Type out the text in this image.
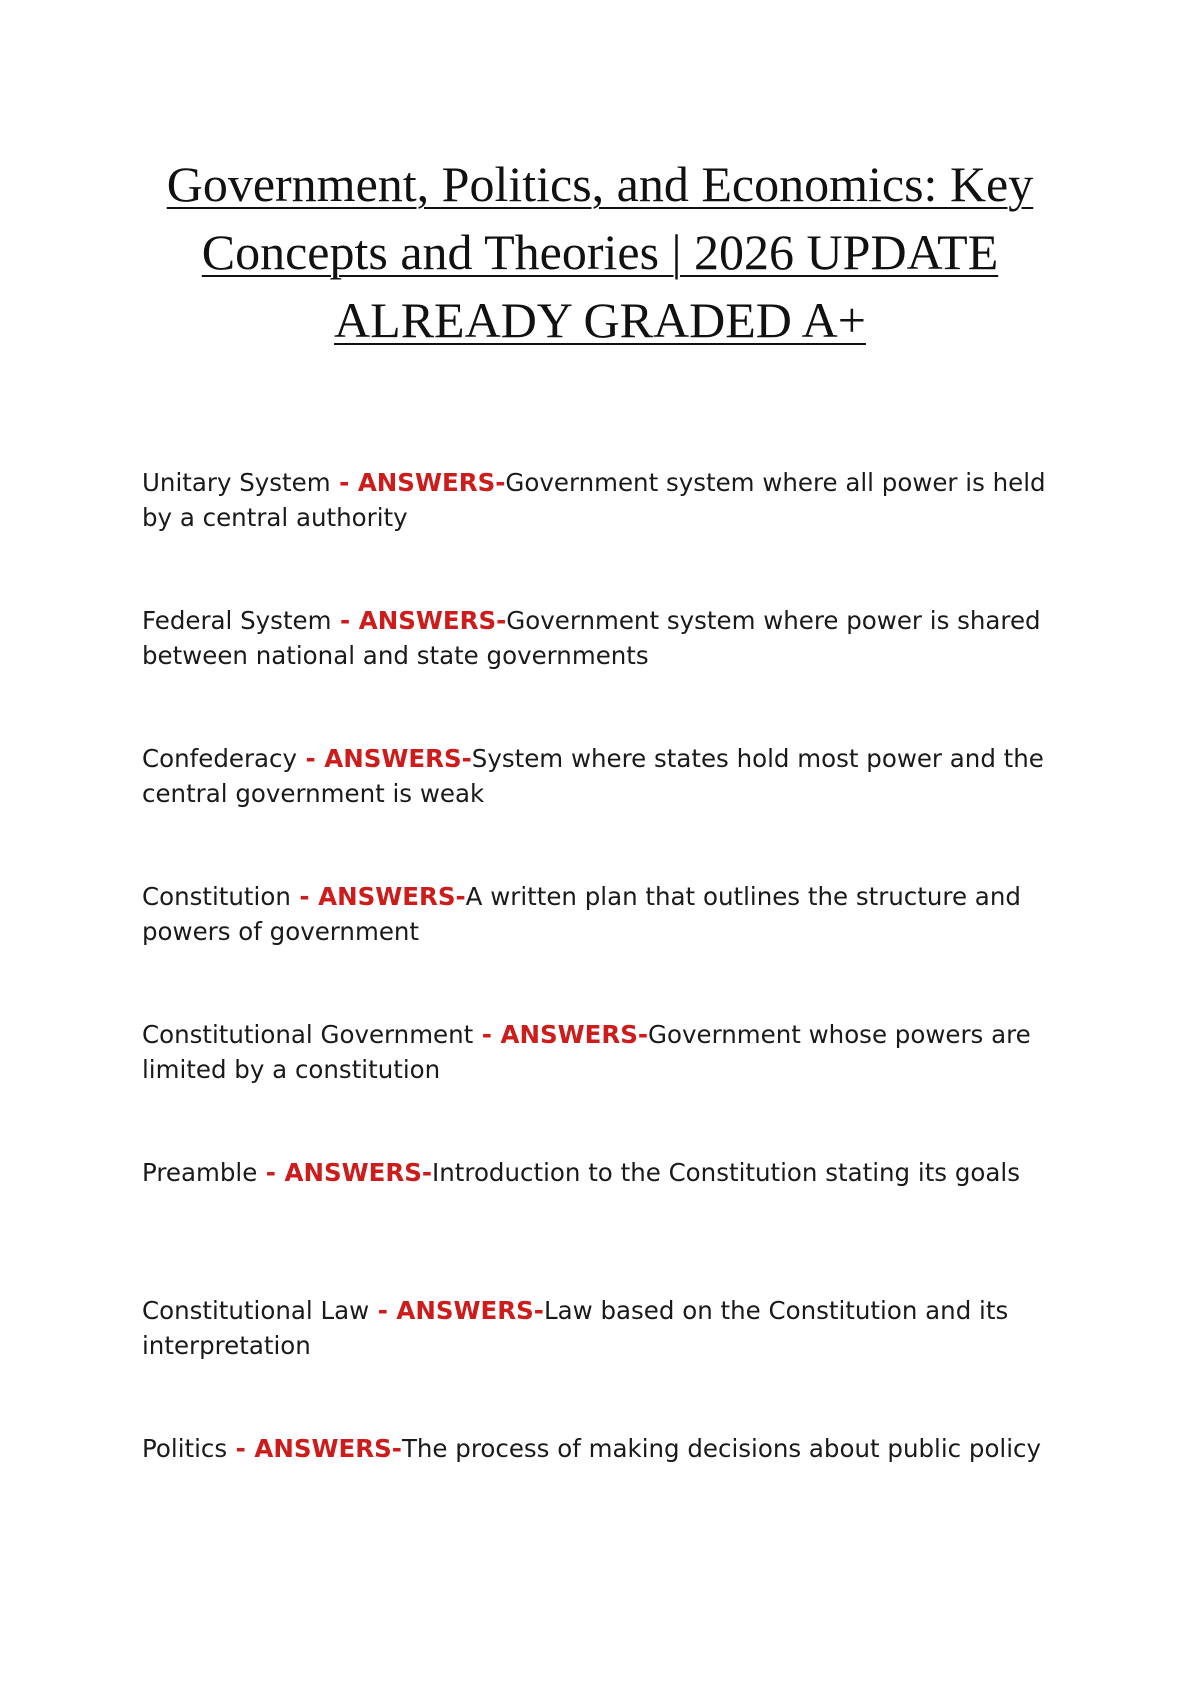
Government, Politics, and Economics: Key Concepts and Theories | 2026 UPDATE ALREADY GRADED A+

Unitary System - ANSWERS-Government system where all power is held by a central authority

Federal System - ANSWERS-Government system where power is shared between national and state governments

Confederacy - ANSWERS-System where states hold most power and the central government is weak

Constitution - ANSWERS-A written plan that outlines the structure and powers of government

Constitutional Government - ANSWERS-Government whose powers are limited by a constitution

Preamble - ANSWERS-Introduction to the Constitution stating its goals

Constitutional Law - ANSWERS-Law based on the Constitution and its interpretation

Politics - ANSWERS-The process of making decisions about public policy
